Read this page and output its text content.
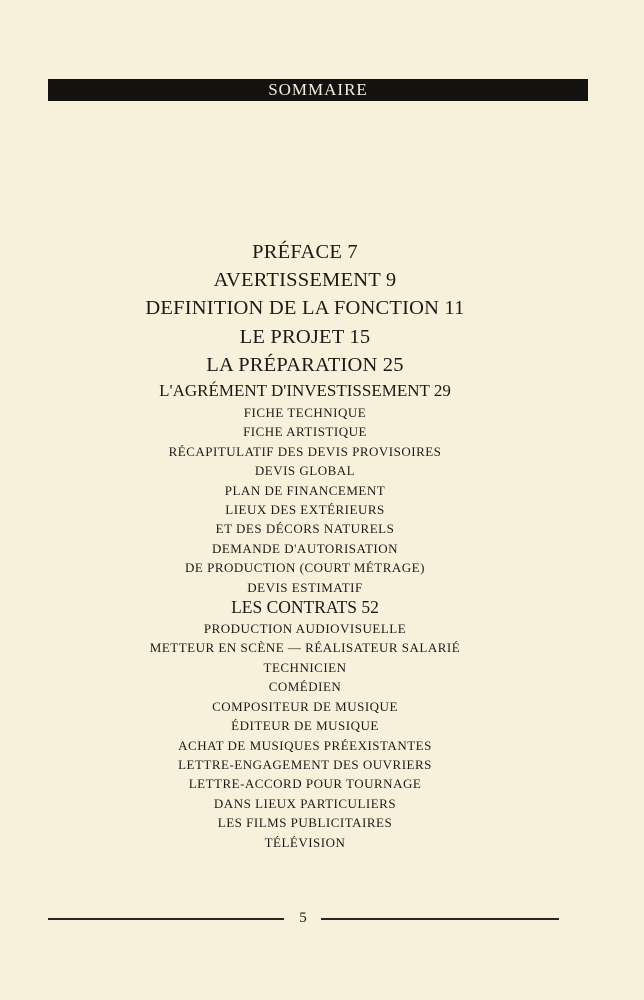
SOMMAIRE
PRÉFACE 7
AVERTISSEMENT 9
DEFINITION DE LA FONCTION 11
LE PROJET 15
LA PRÉPARATION 25
L'AGRÉMENT D'INVESTISSEMENT 29
FICHE TECHNIQUE
FICHE ARTISTIQUE
RÉCAPITULATIF DES DEVIS PROVISOIRES
DEVIS GLOBAL
PLAN DE FINANCEMENT
LIEUX DES EXTÉRIEURS
ET DES DÉCORS NATURELS
DEMANDE D'AUTORISATION
DE PRODUCTION (COURT MÉTRAGE)
DEVIS ESTIMATIF
LES CONTRATS 52
PRODUCTION AUDIOVISUELLE
METTEUR EN SCÈNE — RÉALISATEUR SALARIÉ
TECHNICIEN
COMÉDIEN
COMPOSITEUR DE MUSIQUE
ÉDITEUR DE MUSIQUE
ACHAT DE MUSIQUES PRÉEXISTANTES
LETTRE-ENGAGEMENT DES OUVRIERS
LETTRE-ACCORD POUR TOURNAGE
DANS LIEUX PARTICULIERS
LES FILMS PUBLICITAIRES
TÉLÉVISION
5
